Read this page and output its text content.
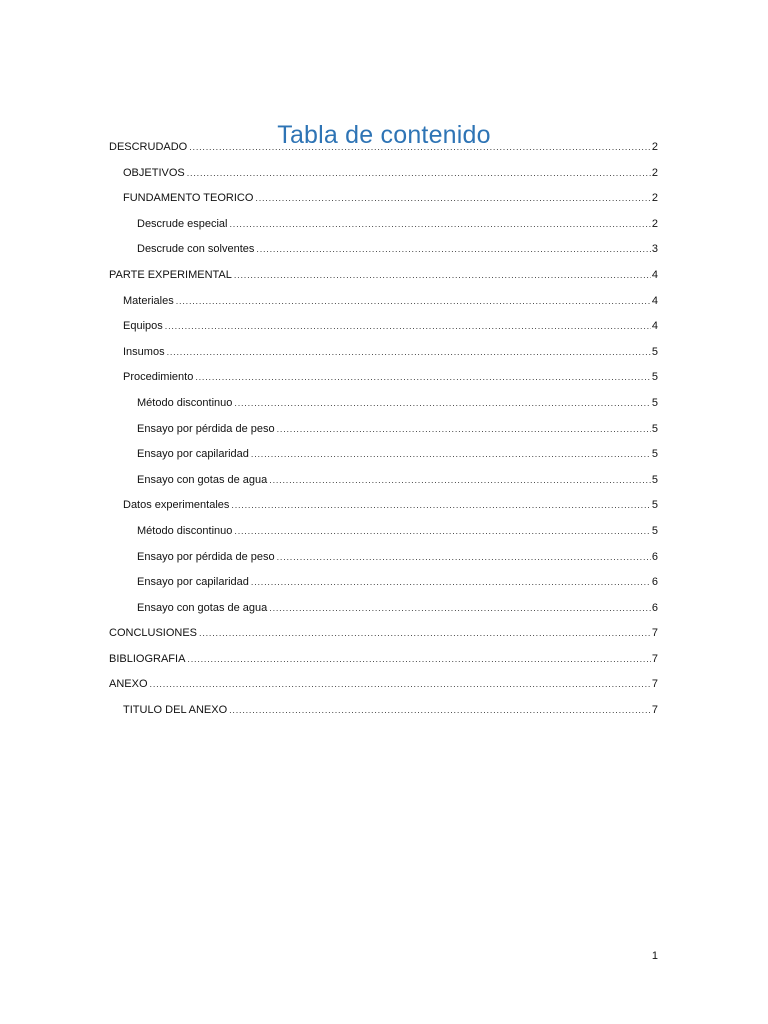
Tabla de contenido
DESCRUDADO .....	2
OBJETIVOS .....	2
FUNDAMENTO TEORICO .....	2
Descrude especial .....	2
Descrude con solventes .....	3
PARTE EXPERIMENTAL .....	4
Materiales .....	4
Equipos .....	4
Insumos .....	5
Procedimiento .....	5
Método discontinuo .....	5
Ensayo por pérdida de peso .....	5
Ensayo por capilaridad .....	5
Ensayo con gotas de agua .....	5
Datos experimentales .....	5
Método discontinuo .....	5
Ensayo por pérdida de peso .....	6
Ensayo por capilaridad .....	6
Ensayo con gotas de agua .....	6
CONCLUSIONES .....	7
BIBLIOGRAFIA .....	7
ANEXO .....	7
TITULO DEL ANEXO .....	7
1
